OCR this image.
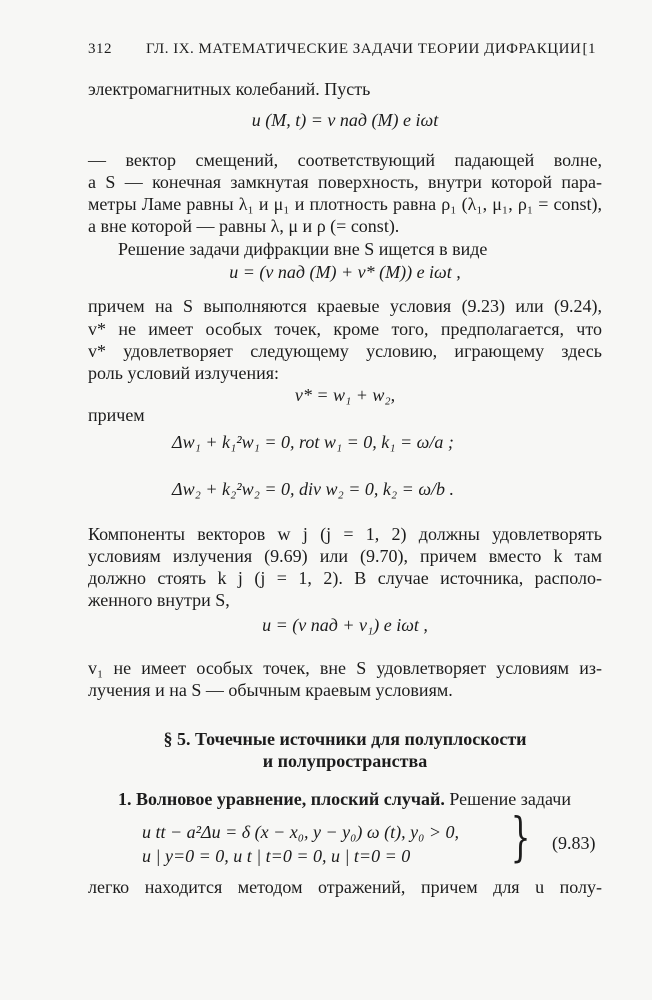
312 ГЛ. IX. МАТЕМАТИЧЕСКИЕ ЗАДАЧИ ТЕОРИИ ДИФРАКЦИИ [1
электромагнитных колебаний. Пусть
u (M, t) = v пад (M) e iωt
— вектор смещений, соответствующий падающей волне,
а S — конечная замкнутая поверхность, внутри которой пара-
метры Ламе равны λ₁ и μ₁ и плотность равна ρ₁ (λ₁, μ₁, ρ₁ = const),
а вне которой — равны λ, μ и ρ (= const).
Решение задачи дифракции вне S ищется в виде
u = (v пад (M) + v* (M)) e iωt ,
причем на S выполняются краевые условия (9.23) или (9.24),
v* не имеет особых точек, кроме того, предполагается, что
v* удовлетворяет следующему условию, играющему здесь
роль условий излучения:
v* = w₁ + w₂,
причем
Δw₁ + k₁²w₁ = 0, rot w₁ = 0, k₁ = ω/a ;
Δw₂ + k₂²w₂ = 0, div w₂ = 0, k₂ = ω/b .
Компоненты векторов w j (j = 1, 2) должны удовлетворять
условиям излучения (9.69) или (9.70), причем вместо k там
должно стоять k j (j = 1, 2). В случае источника, располо-
женного внутри S,
u = (v пад + v₁) e iωt ,
v₁ не имеет особых точек, вне S удовлетворяет условиям из-
лучения и на S — обычным краевым условиям.
§ 5. Точечные источники для полуплоскости
и полупространства
1. Волновое уравнение, плоский случай. Решение задачи
u tt − a²Δu = δ (x − x₀, y − y₀) ω (t), y₀ > 0,
u | y=0 = 0, u t | t=0 = 0, u | t=0 = 0 } (9.83)
легко находится методом отражений, причем для u полу-
